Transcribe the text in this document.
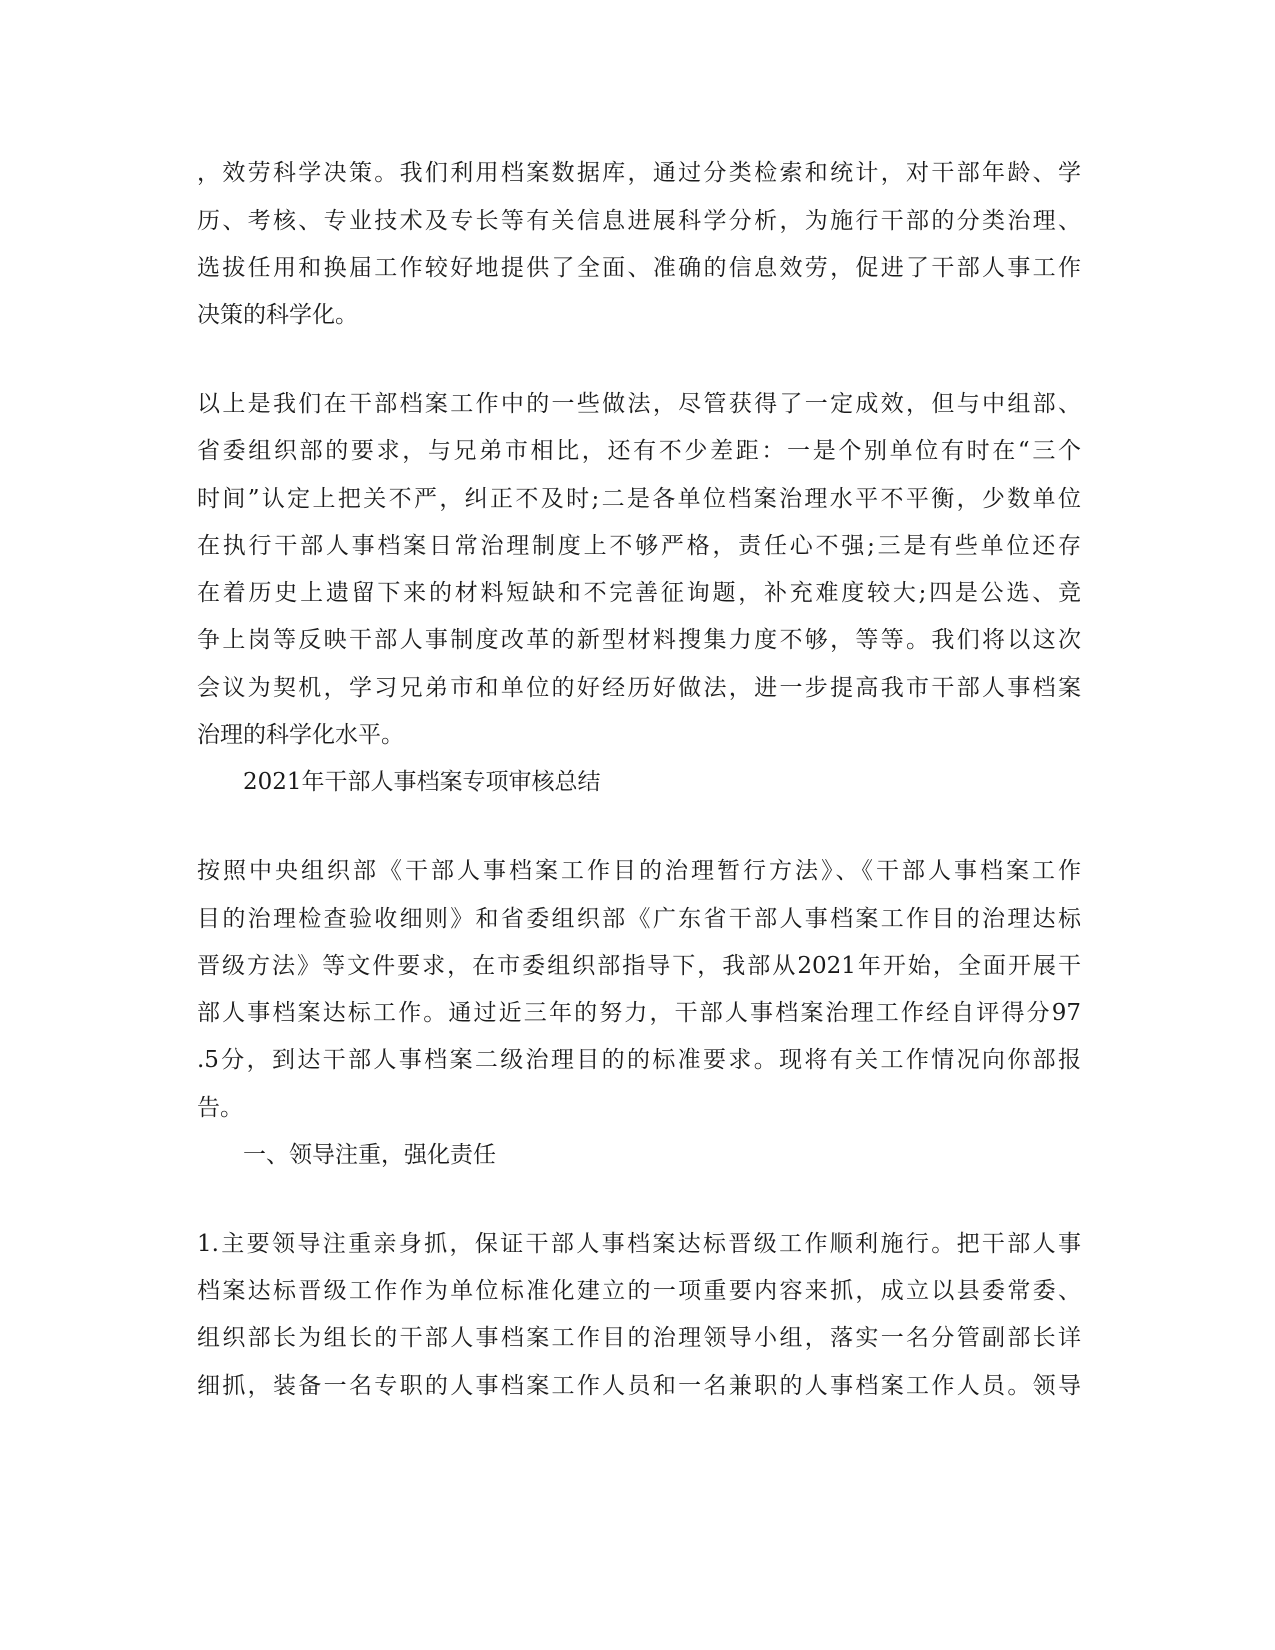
，效劳科学决策。我们利用档案数据库，通过分类检索和统计，对干部年龄、学
历、考核、专业技术及专长等有关信息进展科学分析，为施行干部的分类治理、
选拔任用和换届工作较好地提供了全面、准确的信息效劳，促进了干部人事工作
决策的科学化。
以上是我们在干部档案工作中的一些做法，尽管获得了一定成效，但与中组部、
省委组织部的要求，与兄弟市相比，还有不少差距：一是个别单位有时在“三个
时间”认定上把关不严，纠正不及时;二是各单位档案治理水平不平衡，少数单位
在执行干部人事档案日常治理制度上不够严格，责任心不强;三是有些单位还存
在着历史上遗留下来的材料短缺和不完善征询题，补充难度较大;四是公选、竞
争上岗等反映干部人事制度改革的新型材料搜集力度不够，等等。我们将以这次
会议为契机，学习兄弟市和单位的好经历好做法，进一步提高我市干部人事档案
治理的科学化水平。
　　2021年干部人事档案专项审核总结
按照中央组织部《干部人事档案工作目的治理暂行方法》、《干部人事档案工作
目的治理检查验收细则》和省委组织部《广东省干部人事档案工作目的治理达标
晋级方法》等文件要求，在市委组织部指导下，我部从2021年开始，全面开展干
部人事档案达标工作。通过近三年的努力，干部人事档案治理工作经自评得分97
.5分，到达干部人事档案二级治理目的的标准要求。现将有关工作情况向你部报
告。
　　一、领导注重，强化责任
1.主要领导注重亲身抓，保证干部人事档案达标晋级工作顺利施行。把干部人事
档案达标晋级工作作为单位标准化建立的一项重要内容来抓，成立以县委常委、
组织部长为组长的干部人事档案工作目的治理领导小组，落实一名分管副部长详
细抓，装备一名专职的人事档案工作人员和一名兼职的人事档案工作人员。领导
